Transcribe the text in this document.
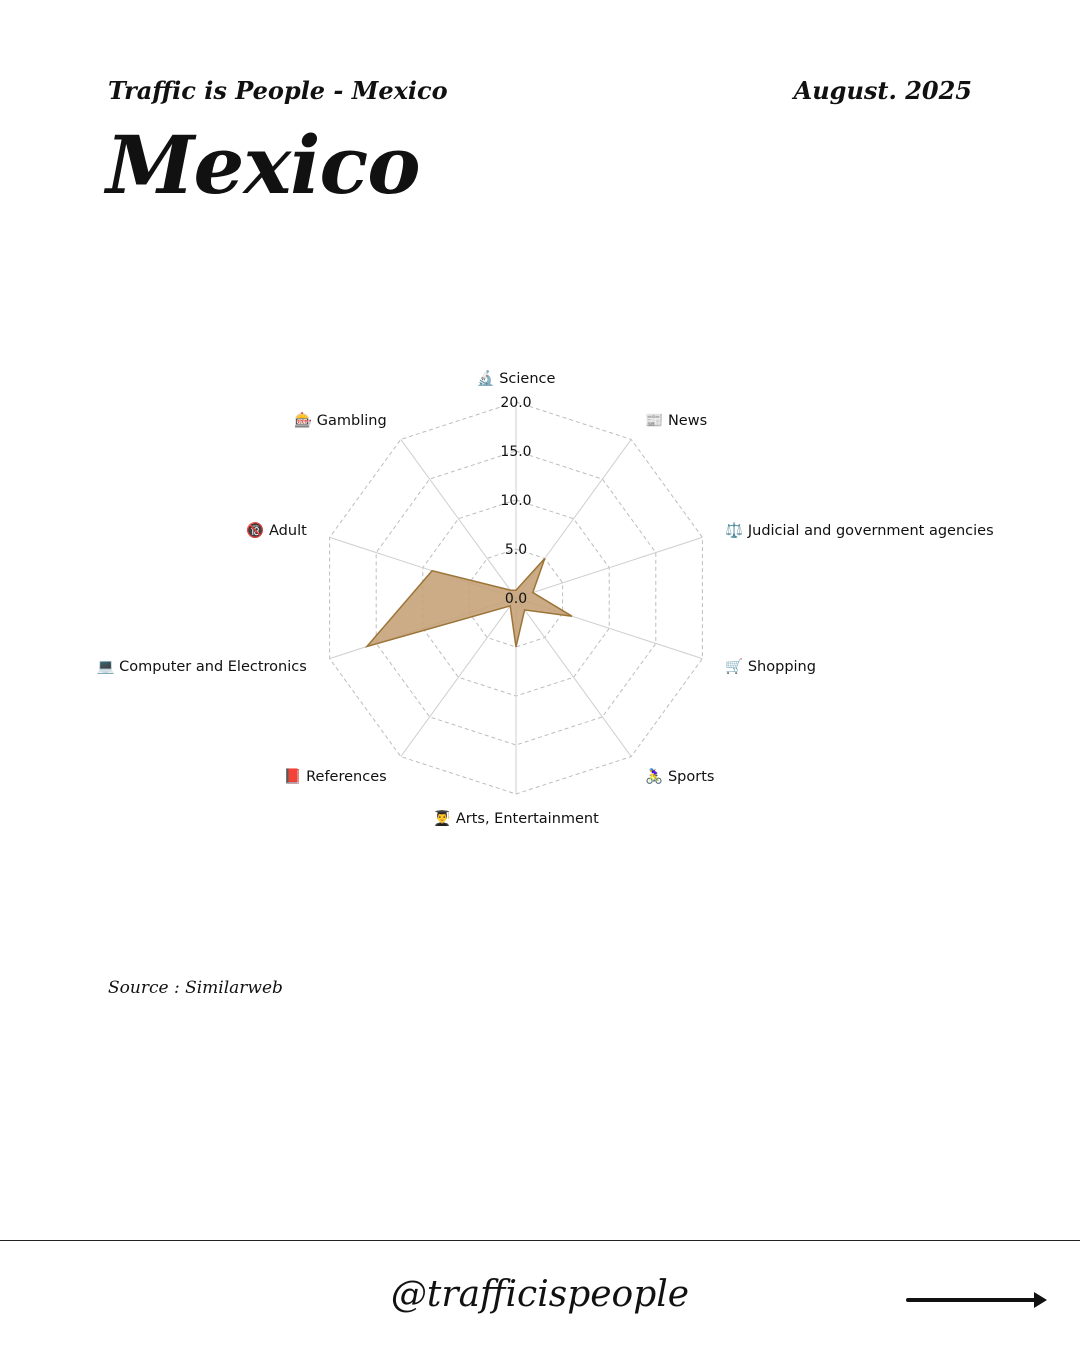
Traffic is People - Mexico	August. 2025
Mexico
0.0
5.0
10.0
15.0
20.0
🔬 Science
📰 News
⚖️ Judicial and government agencies
🛒 Shopping
🚴‍♀️ Sports
👨‍🎓 Arts, Entertainment
📕 References
💻 Computer and Electronics
🔞 Adult
🎰 Gambling
Source : Similarweb
@trafficispeople
